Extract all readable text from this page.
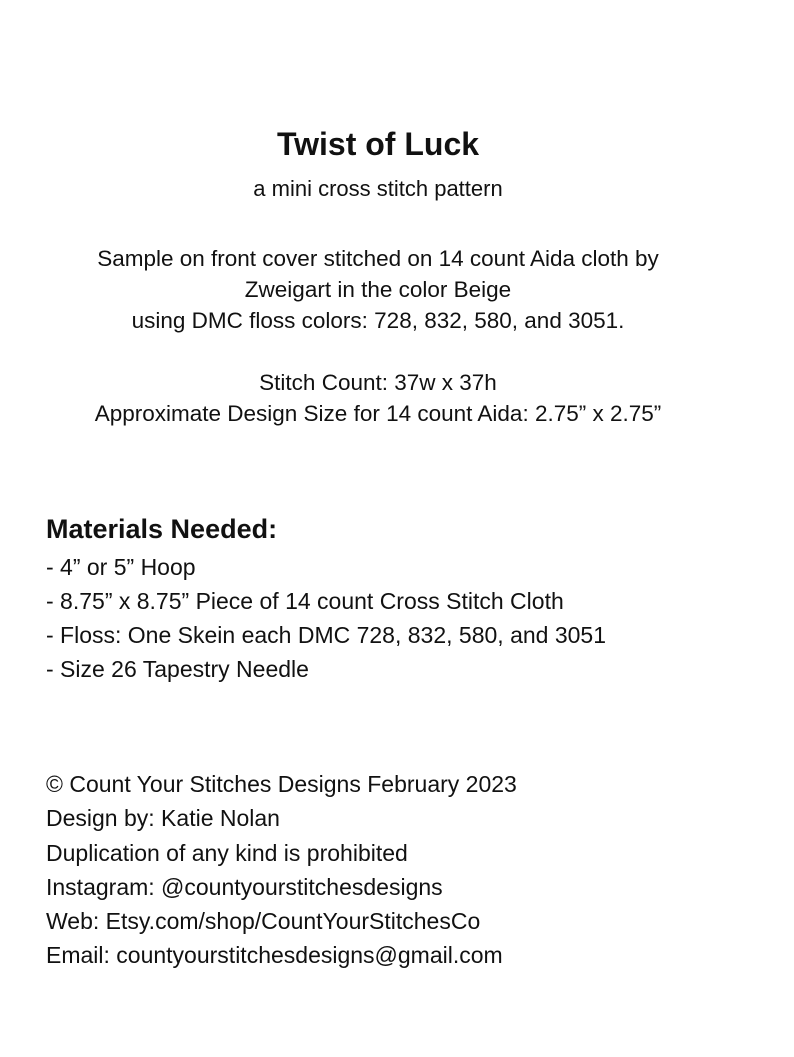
Twist of Luck
a mini cross stitch pattern
Sample on front cover stitched on 14 count Aida cloth by
Zweigart in the color Beige
using DMC floss colors: 728, 832, 580, and 3051.
Stitch Count: 37w x 37h
Approximate Design Size for 14 count Aida: 2.75” x 2.75”
Materials Needed:
- 4” or 5” Hoop
- 8.75” x 8.75” Piece of 14 count Cross Stitch Cloth
- Floss: One Skein each DMC 728, 832, 580, and 3051
- Size 26 Tapestry Needle
© Count Your Stitches Designs February 2023
Design by: Katie Nolan
Duplication of any kind is prohibited
Instagram: @countyourstitchesdesigns
Web: Etsy.com/shop/CountYourStitchesCo
Email: countyourstitchesdesigns@gmail.com
